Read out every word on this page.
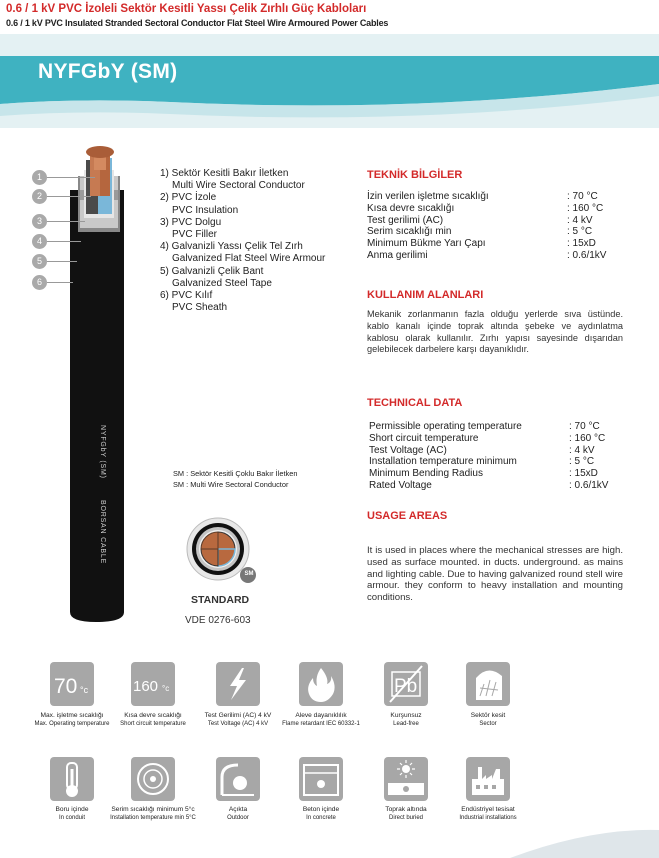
0.6 / 1 kV PVC İzoleli Sektör Kesitli Yassı Çelik Zırhlı Güç Kabloları
0.6 / 1 kV PVC Insulated Stranded Sectoral Conductor Flat Steel Wire Armoured Power Cables
NYFGbY (SM)
1
2
3
4
5
6
NYFGbY (SM)
BORSAN CABLE
1) Sektör Kesitli Bakır İletken
Multi Wire Sectoral Conductor
2) PVC İzole
PVC Insulation
3) PVC Dolgu
PVC Filler
4) Galvanizli Yassı Çelik Tel Zırh
Galvanized Flat Steel Wire Armour
5) Galvanizli Çelik Bant
Galvanized Steel Tape
6) PVC Kılıf
PVC Sheath
SM : Sektör Kesitli Çoklu Bakır İletken
SM : Multi Wire Sectoral Conductor
SM
STANDARD
VDE 0276-603
TEKNİK BİLGİLER
İzin verilen işletme sıcaklığı	: 70 °C
Kısa devre sıcaklığı	: 160 °C
Test gerilimi (AC)	: 4 kV
Serim sıcaklığı min	: 5 °C
Minimum Bükme Yarı Çapı	: 15xD
Anma gerilimi	: 0.6/1kV
KULLANIM ALANLARI
Mekanik zorlanmanın fazla olduğu yerlerde sıva üstünde. kablo kanalı içinde toprak altında şebeke ve aydınlatma kablosu olarak kullanılır. Zırhı yapısı sayesinde dışarıdan gelebilecek darbelere karşı dayanıklıdır.
TECHNICAL DATA
Permissible operating temperature	: 70 °C
Short circuit temperature	: 160 °C
Test Voltage (AC)	: 4 kV
Installation temperature minimum	: 5 °C
Minimum Bending Radius	: 15xD
Rated Voltage	: 0.6/1kV
USAGE AREAS
It is used in places where the mechanical stresses are high. used as surface mounted. in ducts. underground. as mains and lighting cable. Due to having galvanized round stell wire armour. they conform to heavy installation and mounting conditions.
70 °c
Max. işletme sıcaklığı
Max. Operating temperature
160 °c
Kısa devre sıcaklığı
Short circuit temperature
Test Gerilimi (AC) 4 kV
Test Voltage (AC) 4 kV
Aleve dayanıklılık
Flame retardant IEC 60332-1
Pb
Kurşunsuz
Lead-free
Sektör kesit
Sector
Boru içinde
In conduit
Serim sıcaklığı minimum 5°c
Installation temperature min 5°C
Açıkta
Outdoor
Beton içinde
In concrete
Toprak altında
Direct buried
Endüstriyel tesisat
Industrial installations
